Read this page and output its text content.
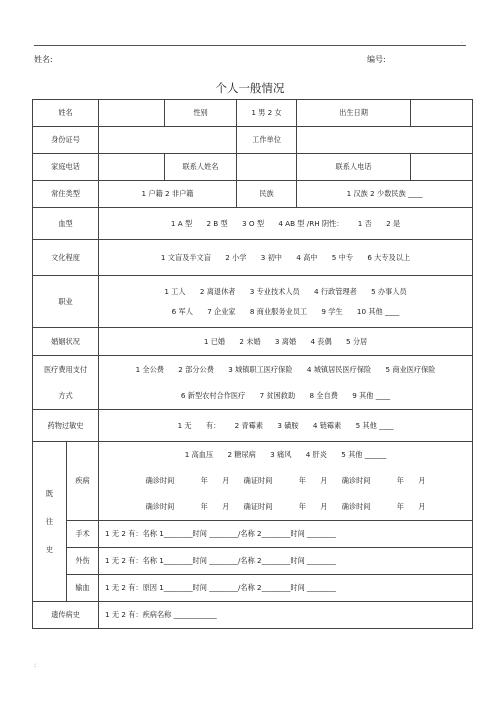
.
姓名:	编号:
个人一般情况
姓名			性别	1 男 2 女	出生日期	
身份证号				工作单位		
家庭电话			联系人姓名		联系人电话	
常住类型		1 户籍 2 非户籍		民族	1 汉族 2 少数民族 ____	
血型		1 A 型 2 B 型 3 O 型 4 AB 型 /RH 阴性： 1 否 2 是				
文化程度		1 文盲及半文盲 2 小学 3 初中 4 高中 5 中专 6 大专及以上				
职业		1 工人 2 离退休者 3 专业技术人员 4 行政管理者 5 办事人员
6 军人 7 企业家 8 商业服务业员工 9 学生 10 其他 ____				

婚姻状况		1 已婚 2 未婚 3 离婚 4 丧偶 5 分居				

医疗费用支付
方式		1 全公费 2 部分公费 3 城镇职工医疗保险 4 城镇居民医疗保险 5 商业医疗保险
6 新型农村合作医疗 7 贫困救助 8 全自费 9 其他 ____				

药物过敏史		1 无 有： 2 青霉素 3 磺胺 4 链霉素 5 其他 ____				

既
往
史	疾病	1 高血压 2 糖尿病 3 痛风 4 肝炎 5 其他 ______
确诊时间 年 月 确证时间 年 月 确诊时间 年 月
确诊时间 年 月 确证时间 年 月 确诊时间 年 月				

	手术	1 无 2 有：名称 1________时间 ________/名称 2________时间 ________				
	外伤	1 无 2 有：名称 1________时间 ________/名称 2________时间 ________				
	输血	1 无 2 有：原因 1________时间 ________/名称 2________时间 ________				
遗传病史		1 无 2 有：疾病名称 ____________				
:
